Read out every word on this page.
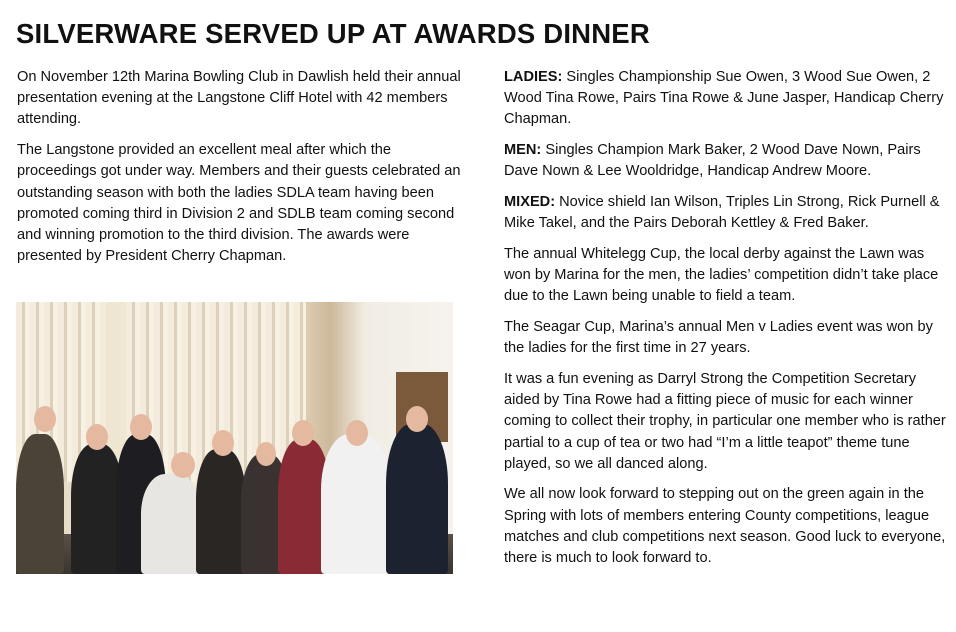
SILVERWARE SERVED UP AT AWARDS DINNER

On November 12th Marina Bowling Club in Dawlish held their annual presentation evening at the Langstone Cliff Hotel with 42 members attending.

The Langstone provided an excellent meal after which the proceedings got under way. Members and their guests celebrated an outstanding season with both the ladies SDLA team having been promoted coming third in Division 2 and SDLB team coming second and winning promotion to the third division. The awards were presented by President Cherry Chapman.

LADIES: Singles Championship Sue Owen, 3 Wood Sue Owen, 2 Wood Tina Rowe, Pairs Tina Rowe & June Jasper, Handicap Cherry Chapman.

MEN: Singles Champion Mark Baker, 2 Wood Dave Nown, Pairs Dave Nown & Lee Wooldridge, Handicap Andrew Moore.

MIXED: Novice shield Ian Wilson, Triples Lin Strong, Rick Purnell & Mike Takel, and the Pairs Deborah Kettley & Fred Baker.

The annual Whitelegg Cup, the local derby against the Lawn was won by Marina for the men, the ladies’ competition didn’t take place due to the Lawn being unable to field a team.

The Seagar Cup, Marina’s annual Men v Ladies event was won by the ladies for the first time in 27 years.

It was a fun evening as Darryl Strong the Competition Secretary aided by Tina Rowe had a fitting piece of music for each winner coming to collect their trophy, in particular one member who is rather partial to a cup of tea or two had “I’m a little teapot” theme tune played, so we all danced along.

We all now look forward to stepping out on the green again in the Spring with lots of members entering County competitions, league matches and club competitions next season. Good luck to everyone, there is much to look forward to.
